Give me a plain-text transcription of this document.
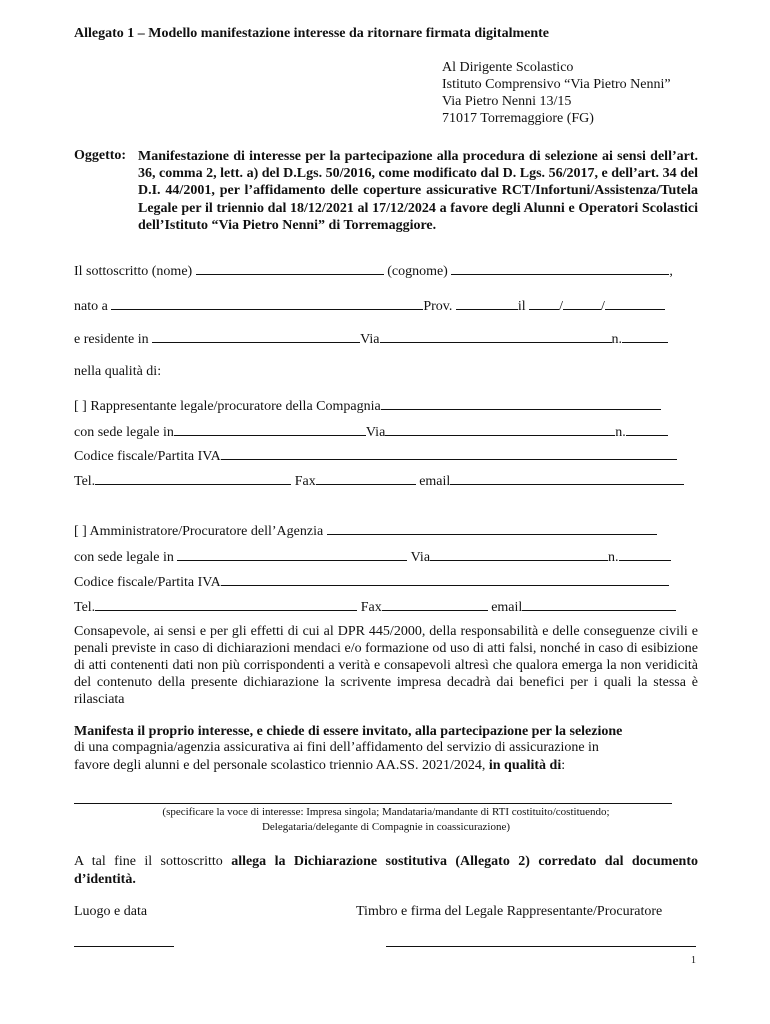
Allegato 1 – Modello manifestazione interesse da ritornare firmata digitalmente
Al Dirigente Scolastico
Istituto Comprensivo “Via Pietro Nenni”
Via Pietro Nenni 13/15
71017 Torremaggiore (FG)
Oggetto: Manifestazione di interesse per la partecipazione alla procedura di selezione ai sensi dell’art. 36, comma 2, lett. a) del D.Lgs. 50/2016, come modificato dal D. Lgs. 56/2017, e dell’art. 34 del D.I. 44/2001, per l’affidamento delle coperture assicurative RCT/Infortuni/Assistenza/Tutela Legale per il triennio dal 18/12/2021 al 17/12/2024 a favore degli Alunni e Operatori Scolastici dell’Istituto “Via Pietro Nenni” di Torremaggiore.
Il sottoscritto (nome)	(cognome)	,
nato a	Prov.	il /	/
e residente in	Via	n.
nella qualità di:
[ ] Rappresentante legale/procuratore della Compagnia
con sede legale in	Via	n.
Codice fiscale/Partita IVA
Tel.	Fax	email
[ ] Amministratore/Procuratore dell’Agenzia
con sede legale in	Via	n.
Codice fiscale/Partita IVA
Tel.	Fax	email
Consapevole, ai sensi e per gli effetti di cui al DPR 445/2000, della responsabilità e delle conseguenze civili e penali previste in caso di dichiarazioni mendaci e/o formazione od uso di atti falsi, nonché in caso di esibizione di atti contenenti dati non più corrispondenti a verità e consapevoli altresì che qualora emerga la non veridicità del contenuto della presente dichiarazione la scrivente impresa decadrà dai benefici per i quali la stessa è rilasciata
Manifesta il proprio interesse, e chiede di essere invitato, alla partecipazione per la selezione
di una compagnia/agenzia assicurativa ai fini dell’affidamento del servizio di assicurazione in
favore degli alunni e del personale scolastico triennio AA.SS. 2021/2024, in qualità di:
(specificare la voce di interesse: Impresa singola; Mandataria/mandante di RTI costituito/costituendo;
Delegataria/delegante di Compagnie in coassicurazione)
A tal fine il sottoscritto allega la Dichiarazione sostitutiva (Allegato 2) corredato dal documento d’identità.
Luogo e data	Timbro e firma del Legale Rappresentante/Procuratore
1
